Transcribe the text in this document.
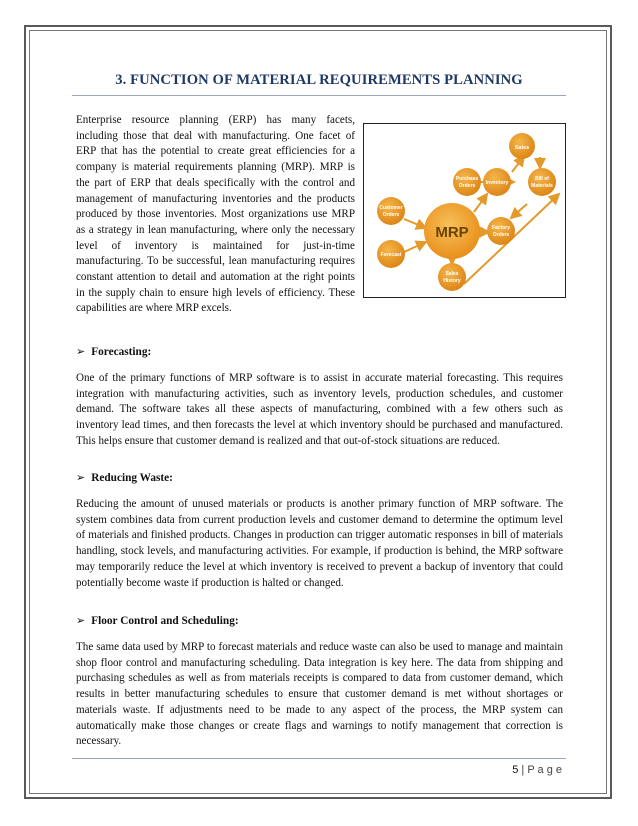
3. FUNCTION OF MATERIAL REQUIREMENTS PLANNING

Enterprise resource planning (ERP) has many facets, including those that deal with manufacturing. One facet of ERP that has the potential to create great efficiencies for a company is material requirements planning (MRP). MRP is the part of ERP that deals specifically with the control and management of manufacturing inventories and the products produced by those inventories. Most organizations use MRP as a strategy in lean manufacturing, where only the necessary level of inventory is maintained for just-in-time manufacturing. To be successful, lean manufacturing requires constant attention to detail and automation at the right points in the supply chain to ensure high levels of efficiency. These capabilities are where MRP excels.

MRP
Sales
Purchase
Orders Inventory
Bill of
Materials
Customer
Orders
Forecast
Factory
Orders
Sales
History
➢ Forecasting:

One of the primary functions of MRP software is to assist in accurate material forecasting. This requires integration with manufacturing activities, such as inventory levels, production schedules, and customer demand. The software takes all these aspects of manufacturing, combined with a few others such as inventory lead times, and then forecasts the level at which inventory should be purchased and manufactured. This helps ensure that customer demand is realized and that out-of-stock situations are reduced.

➢ Reducing Waste:

Reducing the amount of unused materials or products is another primary function of MRP software. The system combines data from current production levels and customer demand to determine the optimum level of materials and finished products. Changes in production can trigger automatic responses in bill of materials handling, stock levels, and manufacturing activities. For example, if production is behind, the MRP software may temporarily reduce the level at which inventory is received to prevent a backup of inventory that could potentially become waste if production is halted or changed.

➢ Floor Control and Scheduling:

The same data used by MRP to forecast materials and reduce waste can also be used to manage and maintain shop floor control and manufacturing scheduling. Data integration is key here. The data from shipping and purchasing schedules as well as from materials receipts is compared to data from customer demand, which results in better manufacturing schedules to ensure that customer demand is met without shortages or materials waste. If adjustments need to be made to any aspect of the process, the MRP system can automatically make those changes or create flags and warnings to notify management that correction is necessary.

5 | P a g e
